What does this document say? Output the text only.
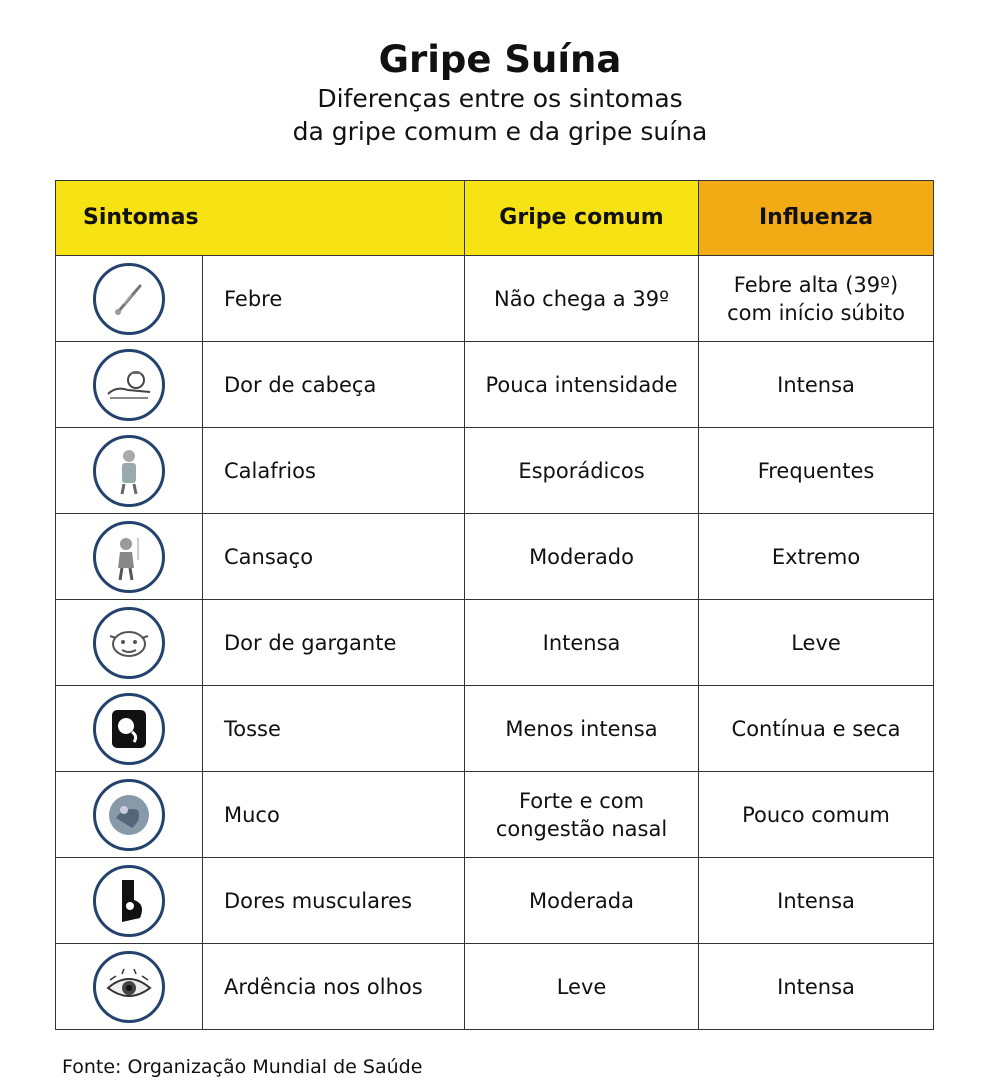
Gripe Suína
Diferenças entre os sintomas
da gripe comum e da gripe suína
Sintomas		Gripe comum	Influenza

	Febre	Não chega a 39º	Febre alta (39º)
com início súbito

	Dor de cabeça	Pouca intensidade	Intensa

	Calafrios	Esporádicos	Frequentes

	Cansaço	Moderado	Extremo

	Dor de gargante	Intensa	Leve

	Tosse	Menos intensa	Contínua e seca

	Muco	Forte e com
congestão nasal	Pouco comum

	Dores musculares	Moderada	Intensa

	Ardência nos olhos	Leve	Intensa
Fonte: Organização Mundial de Saúde
